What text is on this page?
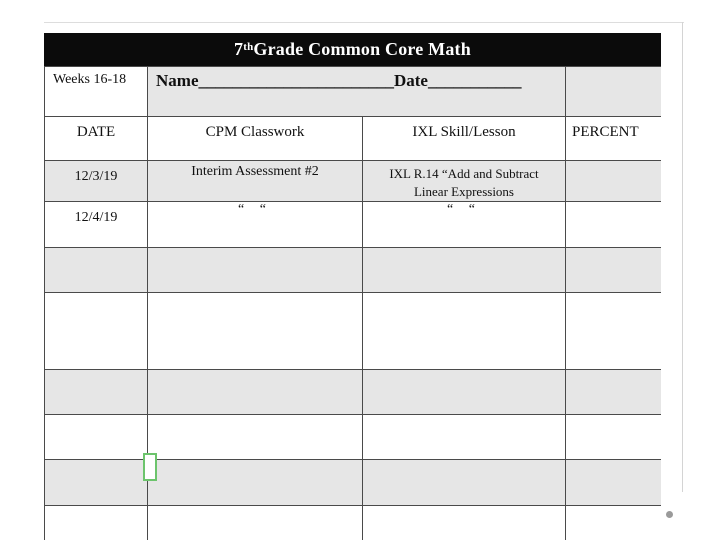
7th Grade Common Core Math
Weeks 16-18	Name_______________________Date___________		
DATE	CPM Classwork	IXL Skill/Lesson	PERCENT
12/3/19	Interim Assessment #2	IXL R.14 “Add and Subtract
Linear Expressions	

12/4/19	“ “	“ “	
